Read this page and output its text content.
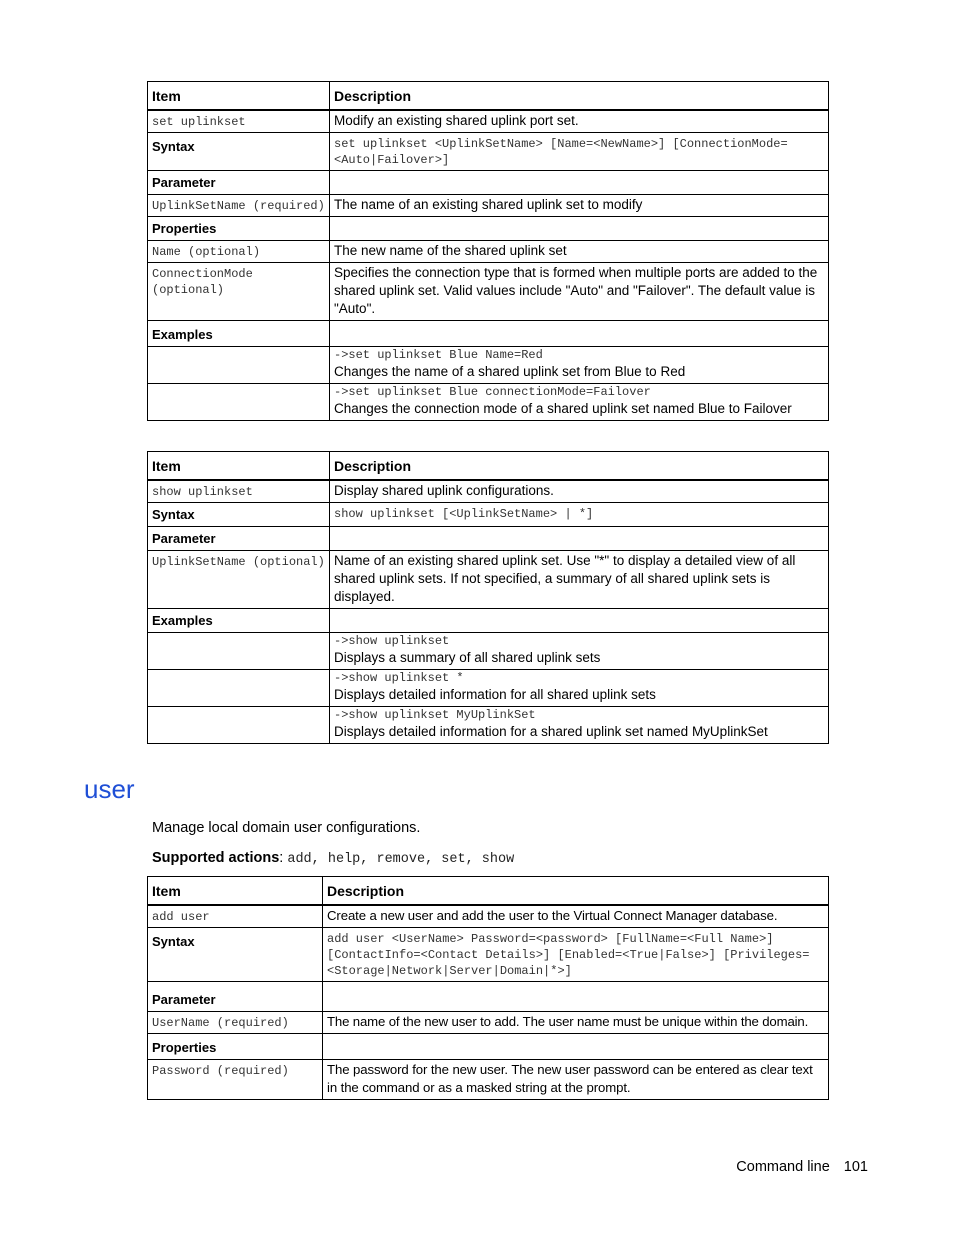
Item	Description

set uplinkset	Modify an existing shared uplink port set.
Syntax	set uplinkset <UplinkSetName> [Name=<NewName>] [ConnectionMode=<Auto|Failover>]

Parameter	

UplinkSetName (required)	The name of an existing shared uplink set to modify
Properties	

Name (optional)	The new name of the shared uplink set

ConnectionMode (optional)	Specifies the connection type that is formed when multiple ports are added to the shared uplink set. Valid values include "Auto" and "Failover". The default value is "Auto".
Examples	

	->set uplinkset Blue Name=Red
Changes the name of a shared uplink set from Blue to Red

	->set uplinkset Blue connectionMode=Failover
Changes the connection mode of a shared uplink set named Blue to Failover
Item	Description

show uplinkset	Display shared uplink configurations.
Syntax	show uplinkset [<UplinkSetName> | *]

Parameter	

UplinkSetName (optional)	Name of an existing shared uplink set. Use "*" to display a detailed view of all shared uplink sets. If not specified, a summary of all shared uplink sets is displayed.
Examples	

	->show uplinkset
Displays a summary of all shared uplink sets

	->show uplinkset *
Displays detailed information for all shared uplink sets

	->show uplinkset MyUplinkSet
Displays detailed information for a shared uplink set named MyUplinkSet
user
Manage local domain user configurations.
Supported actions: add, help, remove, set, show
Item	Description

add user	Create a new user and add the user to the Virtual Connect Manager database.
Syntax	add user <UserName> Password=<password> [FullName=<Full Name>] [ContactInfo=<Contact Details>] [Enabled=<True|False>] [Privileges=<Storage|Network|Server|Domain|*>]

Parameter	

UserName (required)	The name of the new user to add. The user name must be unique within the domain.
Properties	

Password (required)	The password for the new user. The new user password can be entered as clear text in the command or as a masked string at the prompt.
Command line 101
